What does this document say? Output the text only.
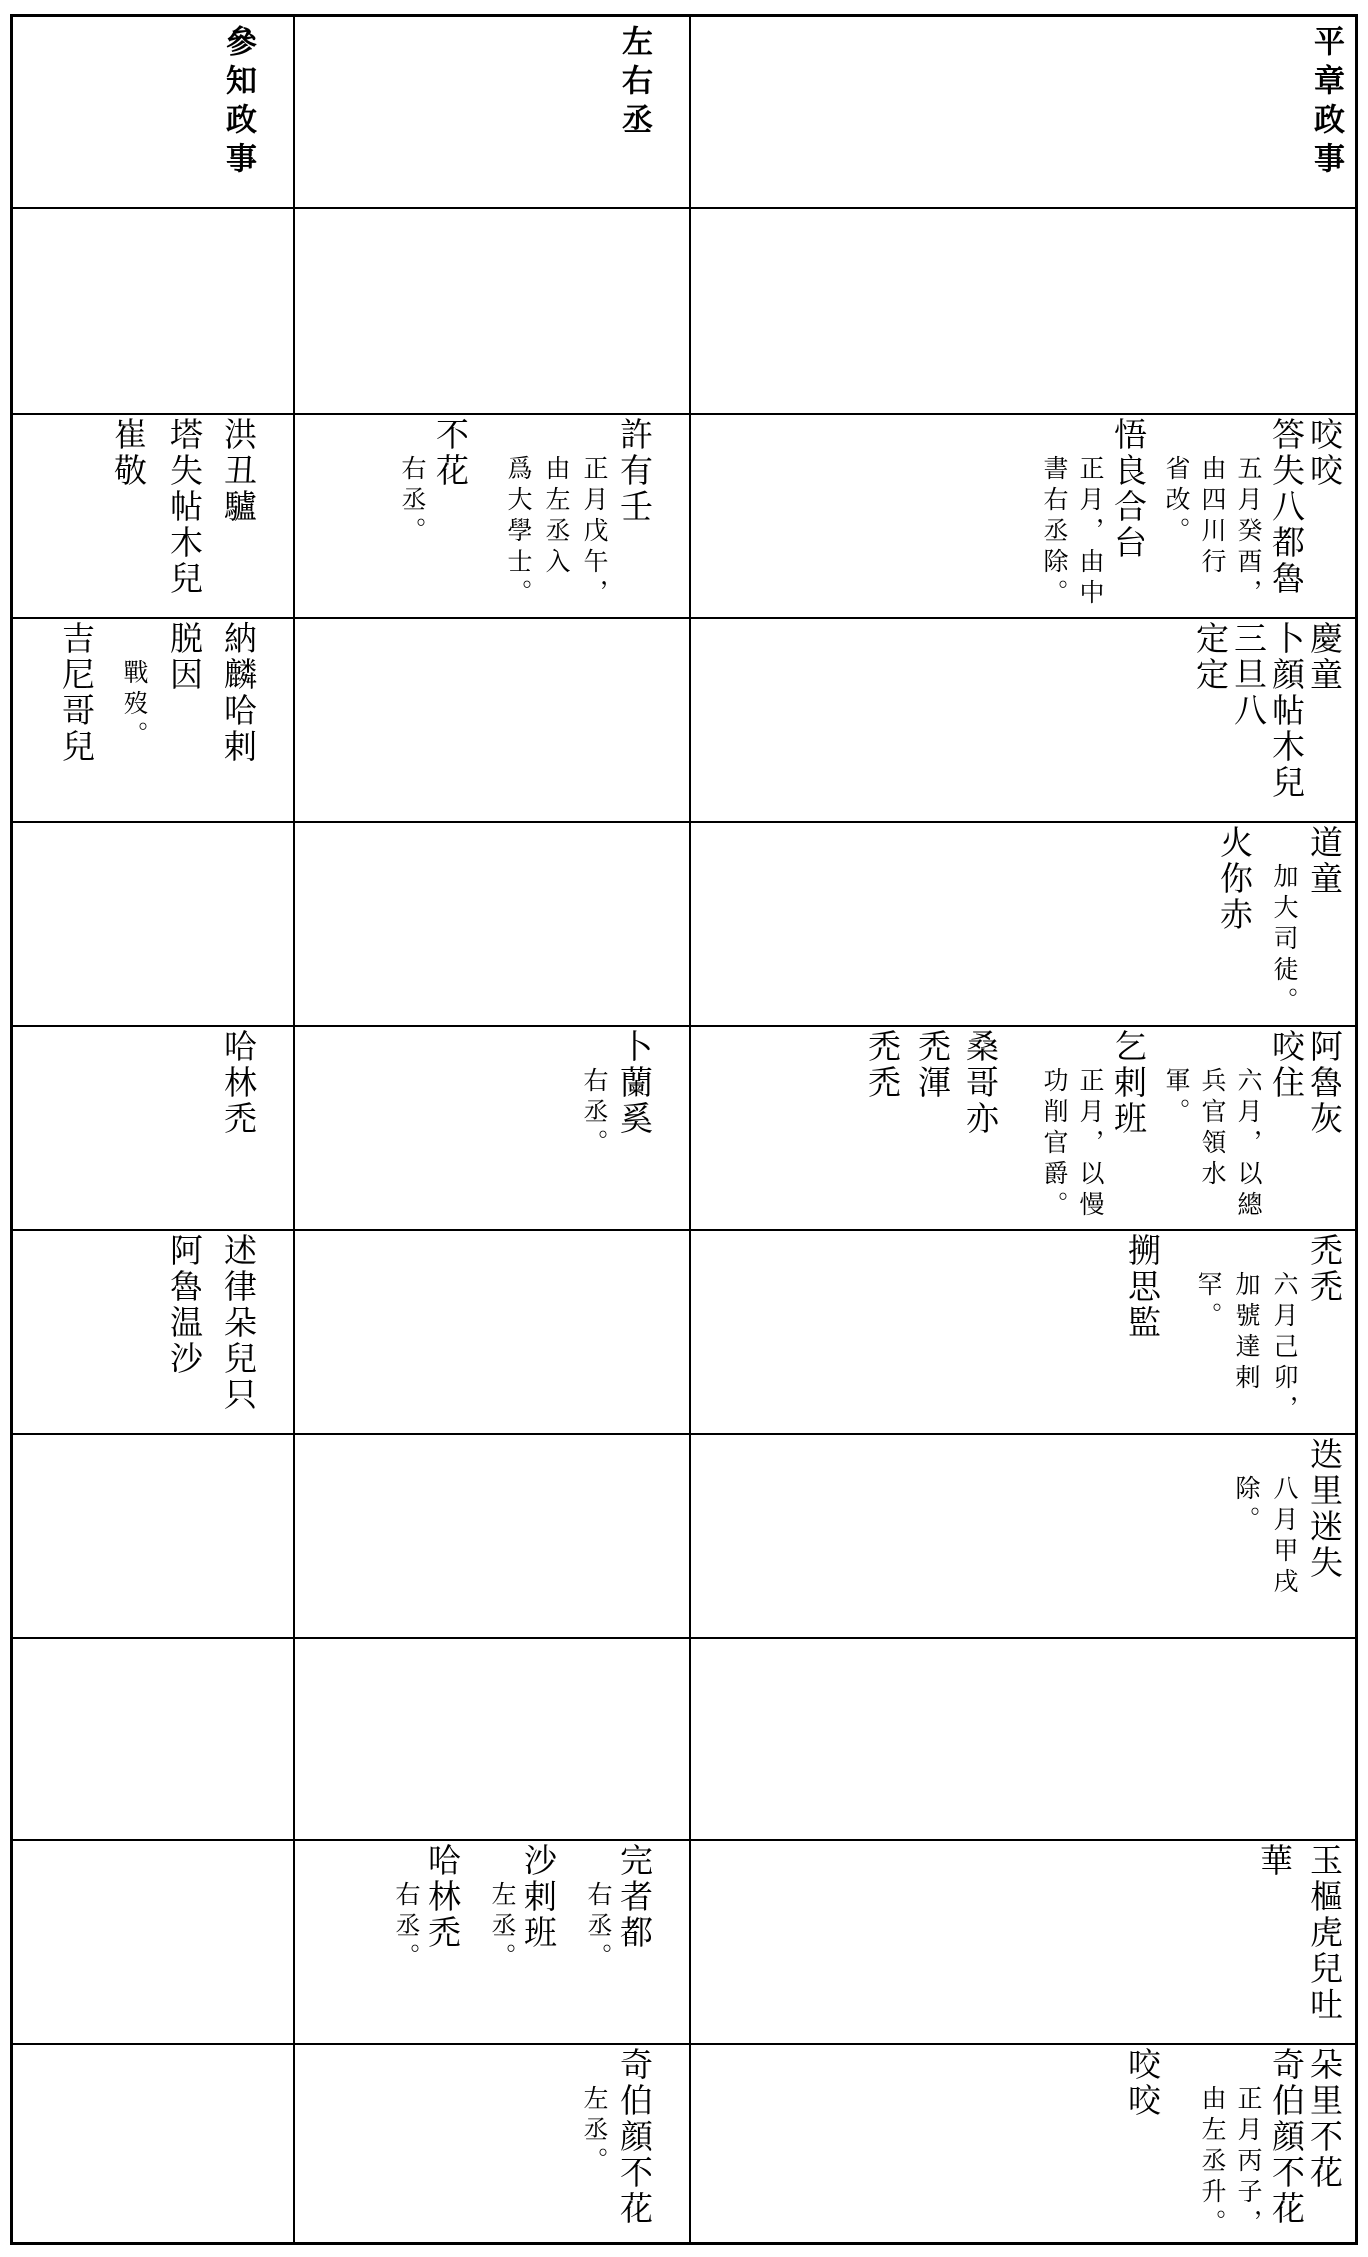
平章政事
左右丞
參知政事
咬咬
答失八都魯
五月癸酉，
由四川行
省改。
悟良合台
正月，由中
書右丞除。
許有壬
正月戊午，
由左丞入
爲大學士。
不花
右丞。
洪丑驢
塔失帖木兒
崔敬
慶童
卜顔帖木兒
三旦八
定定
納麟哈剌
脱因
戰歿。
吉尼哥兒
道童
加大司徒。
火你赤
阿魯灰
咬住
六月，以總
兵官領水
軍。
乞剌班
正月，以慢
功削官爵。
桑哥亦
禿渾
禿禿
卜蘭奚
右丞。
哈林禿
禿禿
六月己卯，
加號達剌
罕。
搠思監
述律朵兒只
阿魯温沙
迭里迷失
八月甲戌
除。
玉樞虎兒吐
華
完者都
右丞。
沙剌班
左丞。
哈林禿
右丞。
朵里不花
奇伯顔不花
正月丙子，
由左丞升。
咬咬
奇伯顔不花
左丞。
